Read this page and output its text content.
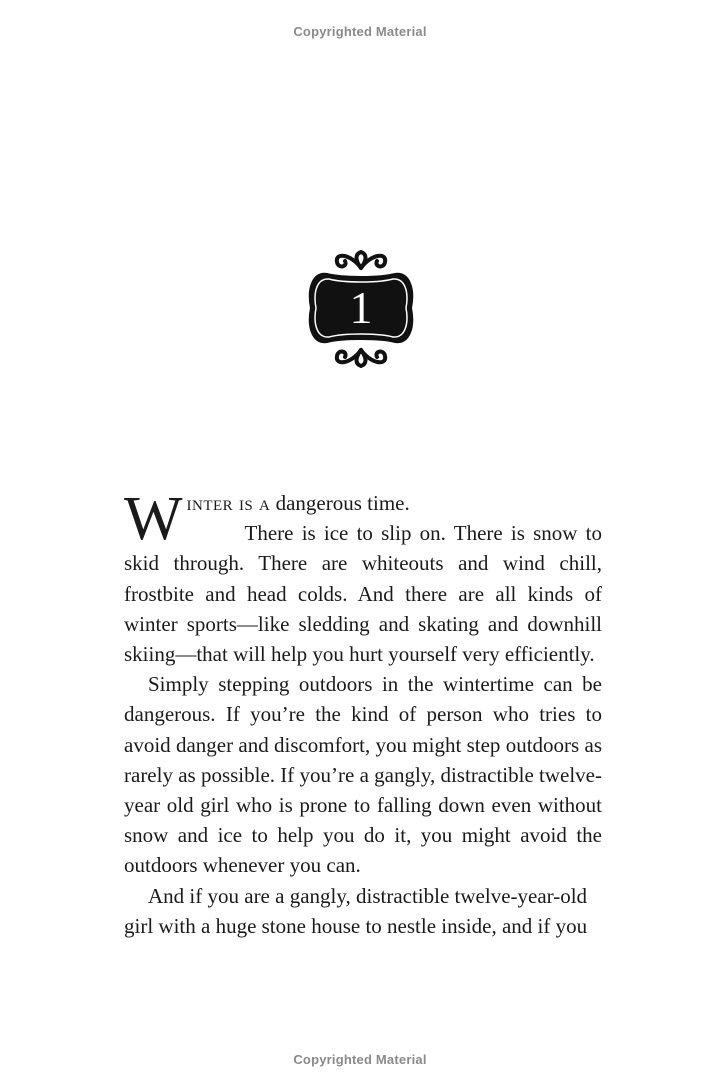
Copyrighted Material
1

Winter is a dangerous time.

There is ice to slip on. There is snow to skid through. There are whiteouts and wind chill, frostbite and head colds. And there are all kinds of winter sports—like sledding and skating and downhill skiing—that will help you hurt yourself very efficiently.

Simply stepping outdoors in the wintertime can be dangerous. If you’re the kind of person who tries to avoid danger and discomfort, you might step outdoors as rarely as possible. If you’re a gangly, distractible twelve-year old girl who is prone to falling down even without snow and ice to help you do it, you might avoid the outdoors whenever you can.

And if you are a gangly, distractible twelve-year-old girl with a huge stone house to nestle inside, and if you

Copyrighted Material
